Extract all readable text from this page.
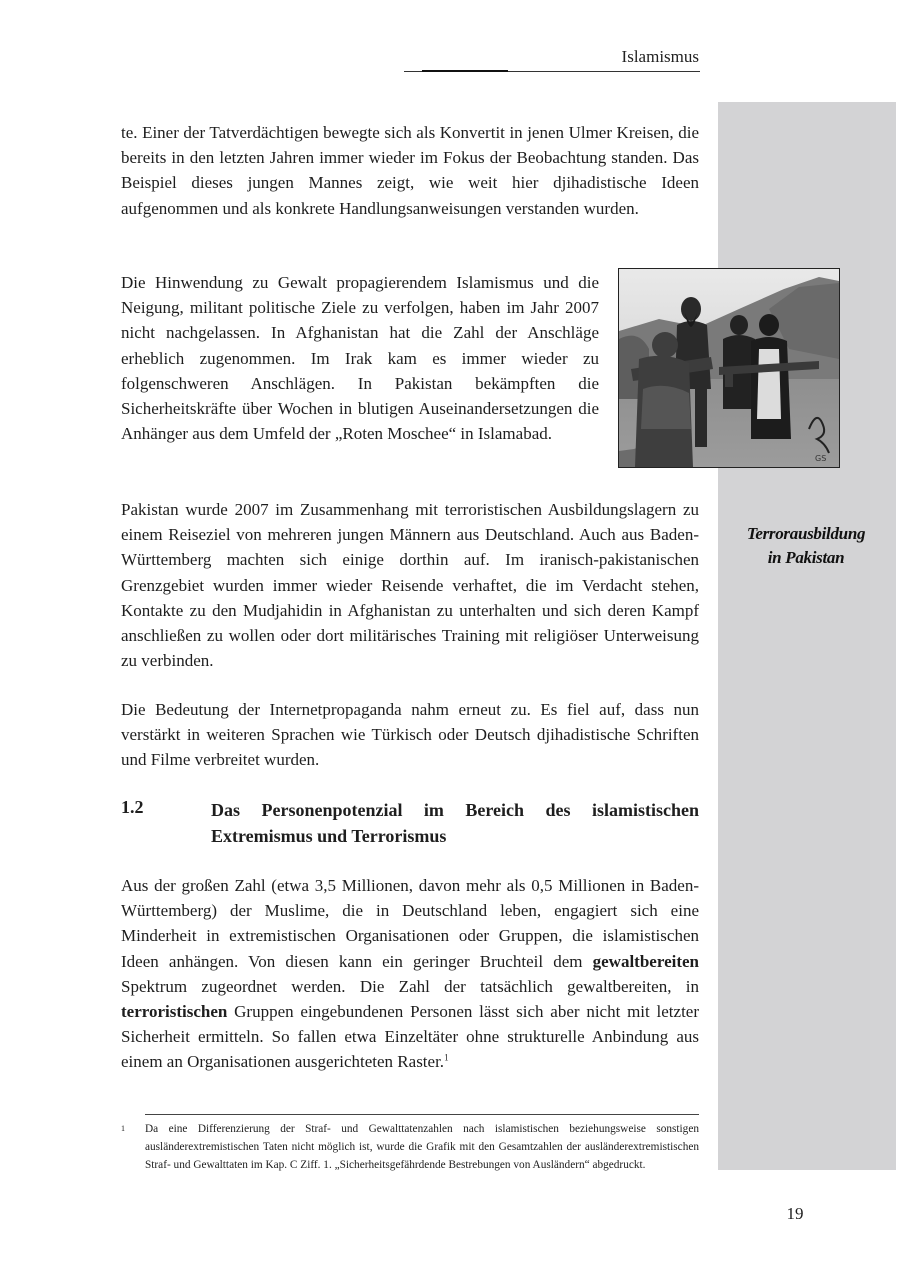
Islamismus
Terrorausbildung
in Pakistan

te. Einer der Tatverdächtigen bewegte sich als Konvertit in jenen Ulmer Kreisen, die bereits in den letzten Jahren immer wieder im Fokus der Beobachtung standen. Das Beispiel dieses jungen Mannes zeigt, wie weit hier djihadistische Ideen aufgenommen und als konkrete Handlungsanweisungen verstanden wurden.

Die Hinwendung zu Gewalt propagierendem Islamismus und die Neigung, militant politische Ziele zu verfolgen, haben im Jahr 2007 nicht nachgelassen. In Afghanistan hat die Zahl der Anschläge erheblich zugenommen. Im Irak kam es immer wieder zu folgenschweren Anschlägen. In Pakistan bekämpften die Sicherheitskräfte über Wochen in blutigen Auseinandersetzungen die Anhänger aus dem Umfeld der „Roten Moschee“ in Islamabad.

GS

Pakistan wurde 2007 im Zusammenhang mit terroristischen Ausbildungslagern zu einem Reiseziel von mehreren jungen Männern aus Deutschland. Auch aus Baden-Württemberg machten sich einige dorthin auf. Im iranisch-pakistanischen Grenzgebiet wurden immer wieder Reisende verhaftet, die im Verdacht stehen, Kontakte zu den Mudjahidin in Afghanistan zu unterhalten und sich deren Kampf anschließen zu wollen oder dort militärisches Training mit religiöser Unterweisung zu verbinden.

Die Bedeutung der Internetpropaganda nahm erneut zu. Es fiel auf, dass nun verstärkt in weiteren Sprachen wie Türkisch oder Deutsch djihadistische Schriften und Filme verbreitet wurden.

1.2	Das Personenpotenzial im Bereich des islamistischen Extremismus und Terrorismus

Aus der großen Zahl (etwa 3,5 Millionen, davon mehr als 0,5 Millionen in Baden-Württemberg) der Muslime, die in Deutschland leben, engagiert sich eine Minderheit in extremistischen Organisationen oder Gruppen, die islamistischen Ideen anhängen. Von diesen kann ein geringer Bruchteil dem gewaltbereiten Spektrum zugeordnet werden. Die Zahl der tatsächlich gewaltbereiten, in terroristischen Gruppen eingebundenen Personen lässt sich aber nicht mit letzter Sicherheit ermitteln. So fallen etwa Einzeltäter ohne strukturelle Anbindung aus einem an Organisationen ausgerichteten Raster.$^1$

1 Da eine Differenzierung der Straf- und Gewalttatenzahlen nach islamistischen beziehungsweise sonstigen ausländerextremistischen Taten nicht möglich ist, wurde die Grafik mit den Gesamtzahlen der ausländerextremistischen Straf- und Gewalttaten im Kap. C Ziff. 1. „Sicherheitsgefährdende Bestrebungen von Ausländern“ abgedruckt.

19
